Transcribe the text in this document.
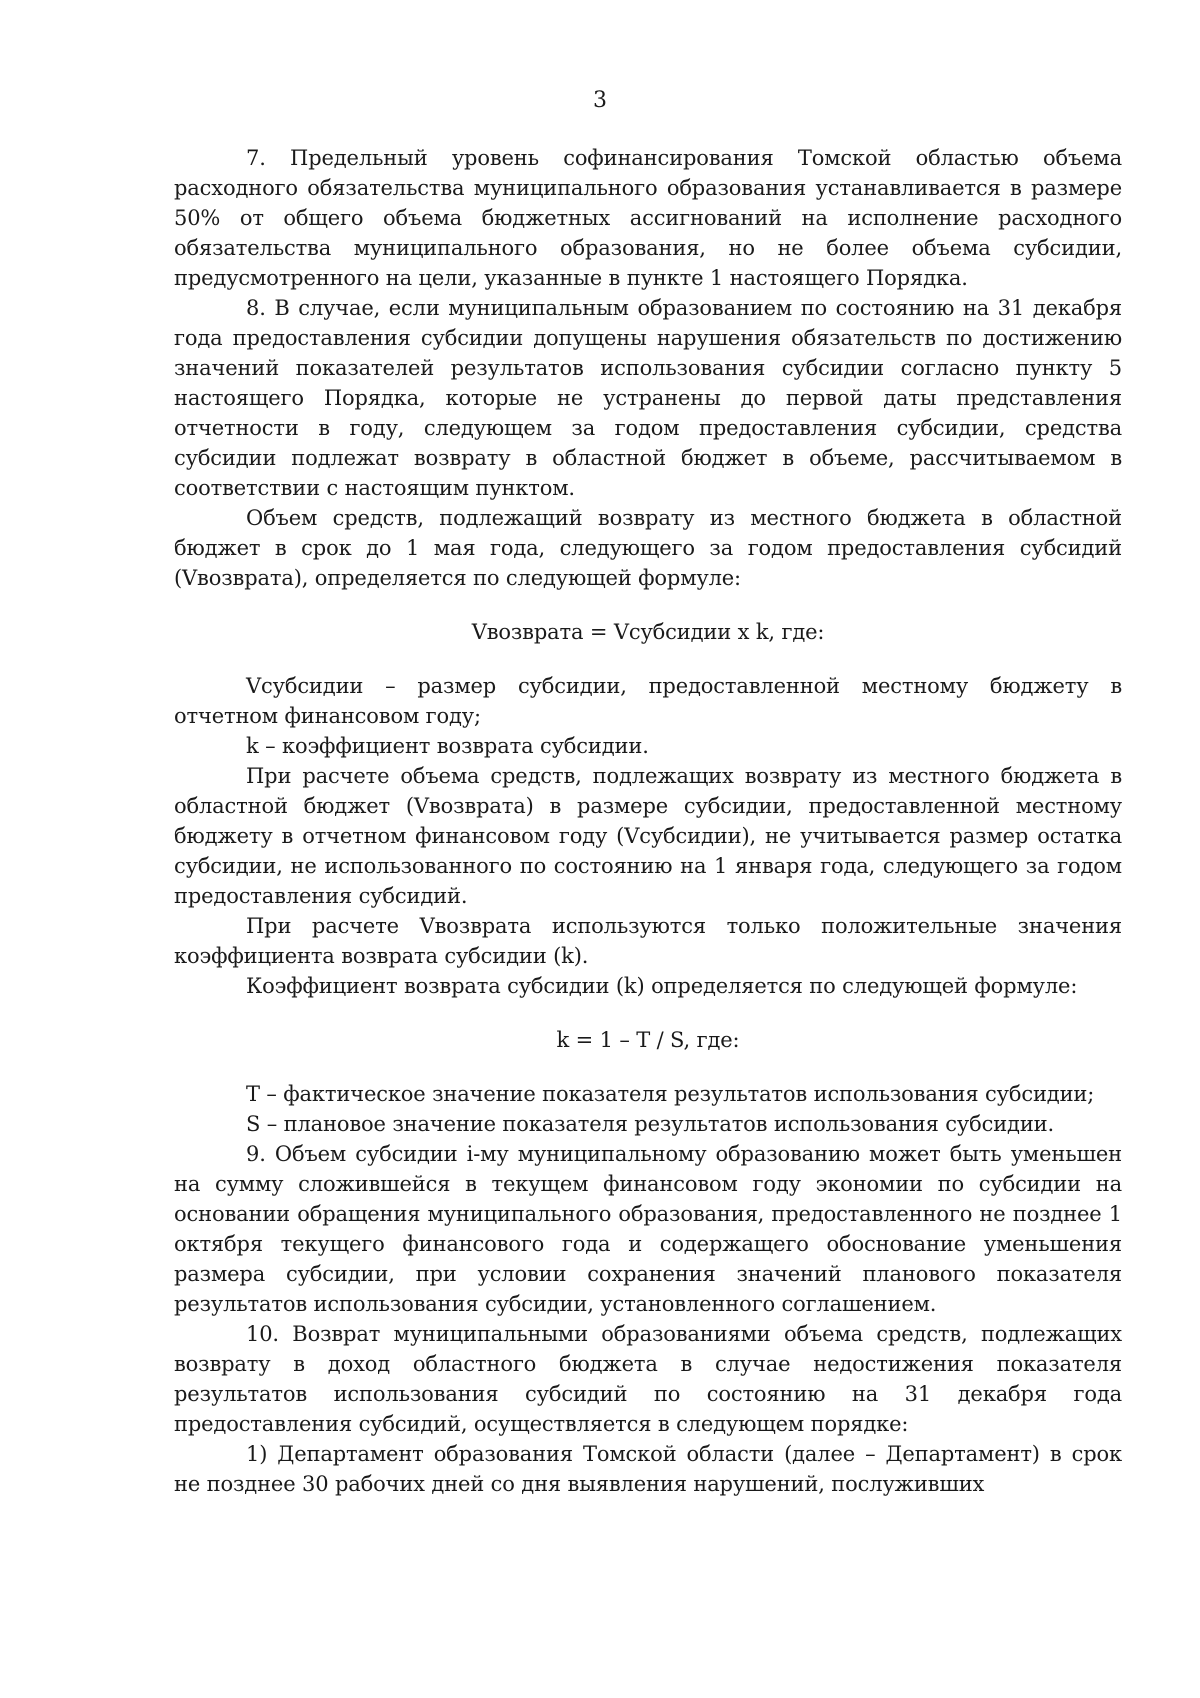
3

7. Предельный уровень софинансирования Томской областью объема расходного обязательства муниципального образования устанавливается в размере 50% от общего объема бюджетных ассигнований на исполнение расходного обязательства муниципального образования, но не более объема субсидии, предусмотренного на цели, указанные в пункте 1 настоящего Порядка.

8. В случае, если муниципальным образованием по состоянию на 31 декабря года предоставления субсидии допущены нарушения обязательств по достижению значений показателей результатов использования субсидии согласно пункту 5 настоящего Порядка, которые не устранены до первой даты представления отчетности в году, следующем за годом предоставления субсидии, средства субсидии подлежат возврату в областной бюджет в объеме, рассчитываемом в соответствии с настоящим пунктом.

Объем средств, подлежащий возврату из местного бюджета в областной бюджет в срок до 1 мая года, следующего за годом предоставления субсидий (Vвозврата), определяется по следующей формуле:

Vвозврата = Vсубсидии x k, где:

Vсубсидии – размер субсидии, предоставленной местному бюджету в отчетном финансовом году;

k – коэффициент возврата субсидии.

При расчете объема средств, подлежащих возврату из местного бюджета в областной бюджет (Vвозврата) в размере субсидии, предоставленной местному бюджету в отчетном финансовом году (Vсубсидии), не учитывается размер остатка субсидии, не использованного по состоянию на 1 января года, следующего за годом предоставления субсидий.

При расчете Vвозврата используются только положительные значения коэффициента возврата субсидии (k).

Коэффициент возврата субсидии (k) определяется по следующей формуле:

k = 1 – T / S, где:

T – фактическое значение показателя результатов использования субсидии;

S – плановое значение показателя результатов использования субсидии.

9. Объем субсидии i-му муниципальному образованию может быть уменьшен на сумму сложившейся в текущем финансовом году экономии по субсидии на основании обращения муниципального образования, предоставленного не позднее 1 октября текущего финансового года и содержащего обоснование уменьшения размера субсидии, при условии сохранения значений планового показателя результатов использования субсидии, установленного соглашением.

10. Возврат муниципальными образованиями объема средств, подлежащих возврату в доход областного бюджета в случае недостижения показателя результатов использования субсидий по состоянию на 31 декабря года предоставления субсидий, осуществляется в следующем порядке:

1) Департамент образования Томской области (далее – Департамент) в срок не позднее 30 рабочих дней со дня выявления нарушений, послуживших
